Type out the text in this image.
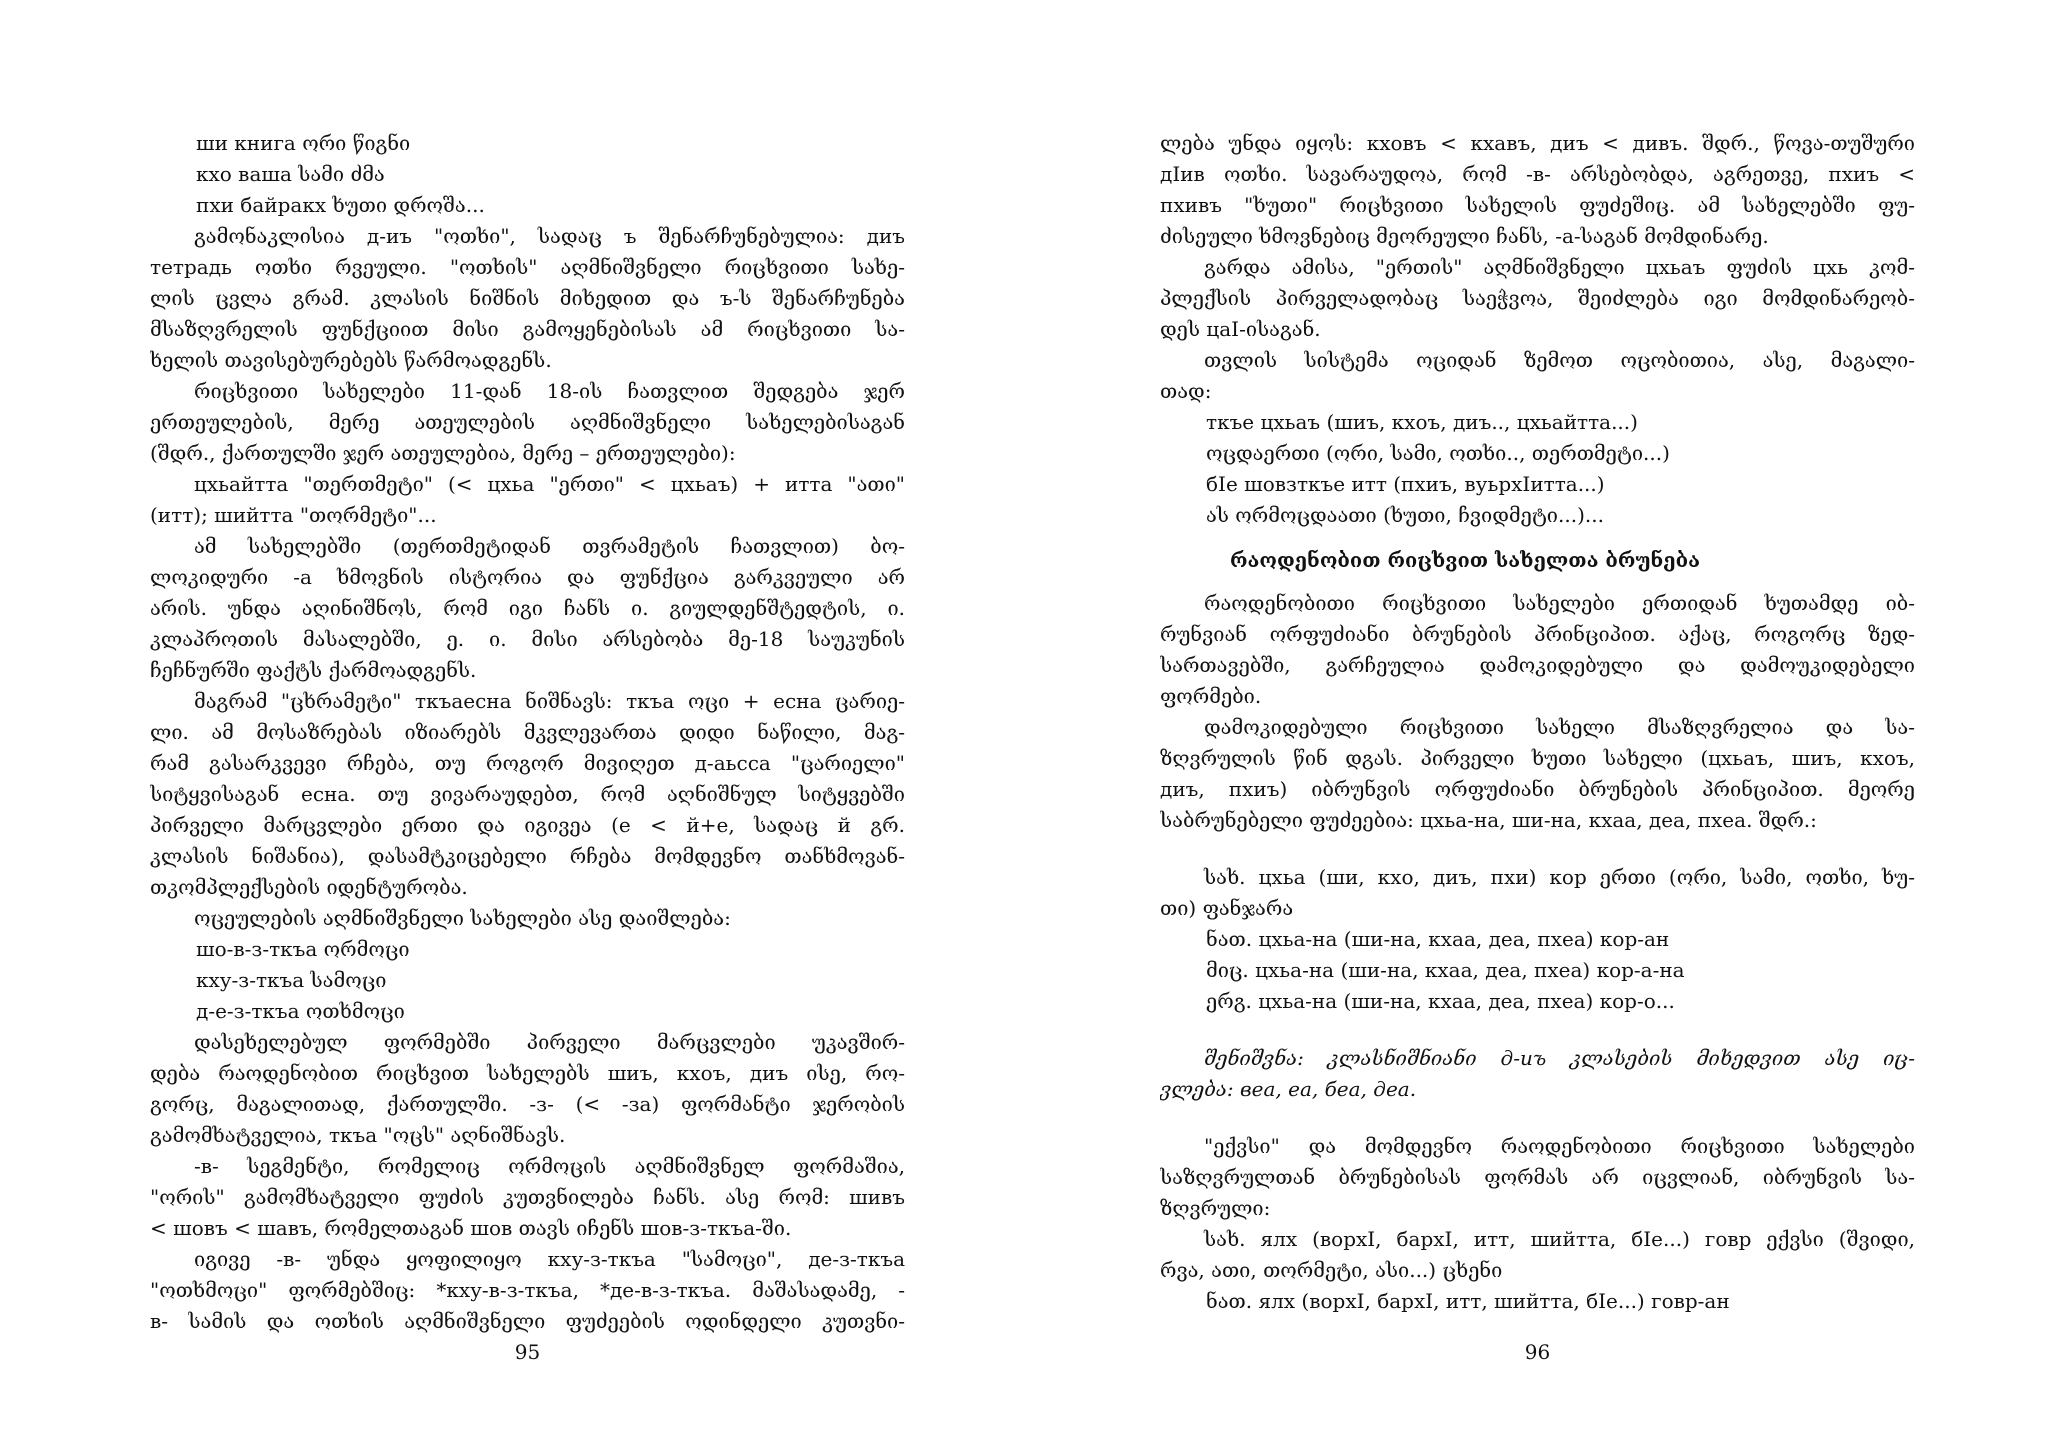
ши книга ორი წიგნი
кхо ваша სამი ძმა
пхи байракх ხუთი დროშა...
გამონაკლისია д-иъ "ოთხი", სადაც ъ შენარჩუნებულია: диъ
тетрадь ოთხი რვეული. "ოთხის" აღმნიშვნელი რიცხვითი სახე-
ლის ცვლა გრამ. კლასის ნიშნის მიხედით და ъ-ს შენარჩუნება
მსაზღვრელის ფუნქციით მისი გამოყენებისას ამ რიცხვითი სა-
ხელის თავისებურებებს წარმოადგენს.
რიცხვითი სახელები 11-დან 18-ის ჩათვლით შედგება ჯერ
ერთეულების, მერე ათეულების აღმნიშვნელი სახელებისაგან
(შდრ., ქართულში ჯერ ათეულებია, მერე – ერთეულები):
цхьайтта "თერთმეტი" (< цхьа "ერთი" < цхьаъ) + итта "ათი"
(итт); шийтта "თორმეტი"...
ამ სახელებში (თერთმეტიდან თვრამეტის ჩათვლით) ბო-
ლოკიდური -а ხმოვნის ისტორია და ფუნქცია გარკვეული არ
არის. უნდა აღინიშნოს, რომ იგი ჩანს ი. გიულდენშტედტის, ი.
კლაპროთის მასალებში, ე. ი. მისი არსებობა მე-18 საუკუნის
ჩეჩნურში ფაქტს ქარმოადგენს.
მაგრამ "ცხრამეტი" ткъаесна ნიშნავს: ткъа ოცი + есна ცარიე-
ლი. ამ მოსაზრებას იზიარებს მკვლევართა დიდი ნაწილი, მაგ-
რამ გასარკვევი რჩება, თუ როგორ მივიღეთ д-аьсса "ცარიელი"
სიტყვისაგან есна. თუ ვივარაუდებთ, რომ აღნიშნულ სიტყვებში
პირველი მარცვლები ერთი და იგივეა (е < й+е, სადაც й გრ.
კლასის ნიშანია), დასამტკიცებელი რჩება მომდევნო თანხმოვან-
თკომპლექსების იდენტურობა.
ოცეულების აღმნიშვნელი სახელები ასე დაიშლება:
шо-в-з-ткъа ორმოცი
кху-з-ткъа სამოცი
д-е-з-ткъа ოთხმოცი
დასეხელებულ ფორმებში პირველი მარცვლები უკავშირ-
დება რაოდენობით რიცხვით სახელებს шиъ, кхоъ, диъ ისე, რო-
გორც, მაგალითად, ქართულში. -з- (< -за) ფორმანტი ჯერობის
გამომხატველია, ткъа "ოცს" აღნიშნავს.
-в- სეგმენტი, რომელიც ორმოცის აღმნიშვნელ ფორმაშია,
"ორის" გამომხატველი ფუძის კუთვნილება ჩანს. ასე რომ: шивъ
< шовъ < шавъ, რომელთაგან шов თავს იჩენს шов-з-ткъа-ში.
იგივე -в- უნდა ყოფილიყო кху-з-ткъа "სამოცი", де-з-ткъа
"ოთხმოცი" ფორმებშიც: *кху-в-з-ткъа, *де-в-з-ткъа. მაშასადამე, -
в- სამის და ოთხის აღმნიშვნელი ფუძეების ოდინდელი კუთვნი-
95
ლება უნდა იყოს: кховъ < кхавъ, диъ < дивъ. შდრ., წოვა-თუშური
дIив ოთხი. სავარაუდოა, რომ -в- არსებობდა, აგრეთვე, пхиъ <
пхивъ "ხუთი" რიცხვითი სახელის ფუძეშიც. ამ სახელებში ფუ-
ძისეული ხმოვნებიც მეორეული ჩანს, -а-საგან მომდინარე.
გარდა ამისა, "ერთის" აღმნიშვნელი цхьаъ ფუძის цхь კომ-
პლექსის პირველადობაც საეჭვოა, შეიძლება იგი მომდინარეობ-
დეს цаI-ისაგან.
თვლის სისტემა ოციდან ზემოთ ოცობითია, ასე, მაგალი-
თად:
ткъе цхьаъ (шиъ, кхоъ, диъ.., цхьайтта...)
ოცდაერთი (ორი, სამი, ოთხი.., თერთმეტი...)
бIе шовзткъе итт (пхиъ, вуьрхIитта...)
ას ორმოცდაათი (ხუთი, ჩვიდმეტი...)...
რაოდენობით რიცხვით სახელთა ბრუნება
რაოდენობითი რიცხვითი სახელები ერთიდან ხუთამდე იბ-
რუნვიან ორფუძიანი ბრუნების პრინციპით. აქაც, როგორც ზედ-
სართავებში, გარჩეულია დამოკიდებული და დამოუკიდებელი
ფორმები.
დამოკიდებული რიცხვითი სახელი მსაზღვრელია და სა-
ზღვრულის წინ დგას. პირველი ხუთი სახელი (цхьаъ, шиъ, кхоъ,
диъ, пхиъ) იბრუნვის ორფუძიანი ბრუნების პრინციპით. მეორე
საბრუნებელი ფუძეებია: цхьа-на, ши-на, кхаа, деа, пхеа. შდრ.:
სახ. цхьа (ши, кхо, диъ, пхи) кор ერთი (ორი, სამი, ოთხი, ხუ-
თი) ფანჯარა
ნათ. цхьа-на (ши-на, кхаа, деа, пхеа) кор-ан
მიც. цхьа-на (ши-на, кхаа, деа, пхеа) кор-а-на
ერგ. цхьа-на (ши-на, кхаа, деа, пхеа) кор-о...
შენიშვნა: კლასნიშნიანი д-иъ კლასების მიხედვით ასე იც-
ვლება: веа, еа, беа, деа.
"ექვსი" და მომდევნო რაოდენობითი რიცხვითი სახელები
საზღვრულთან ბრუნებისას ფორმას არ იცვლიან, იბრუნვის სა-
ზღვრული:
სახ. ялх (ворхI, бархI, итт, шийтта, бIе...) говр ექვსი (შვიდი,
რვა, ათი, თორმეტი, ასი...) ცხენი
ნათ. ялх (ворхI, бархI, итт, шийтта, бIе...) говр-ан
96
